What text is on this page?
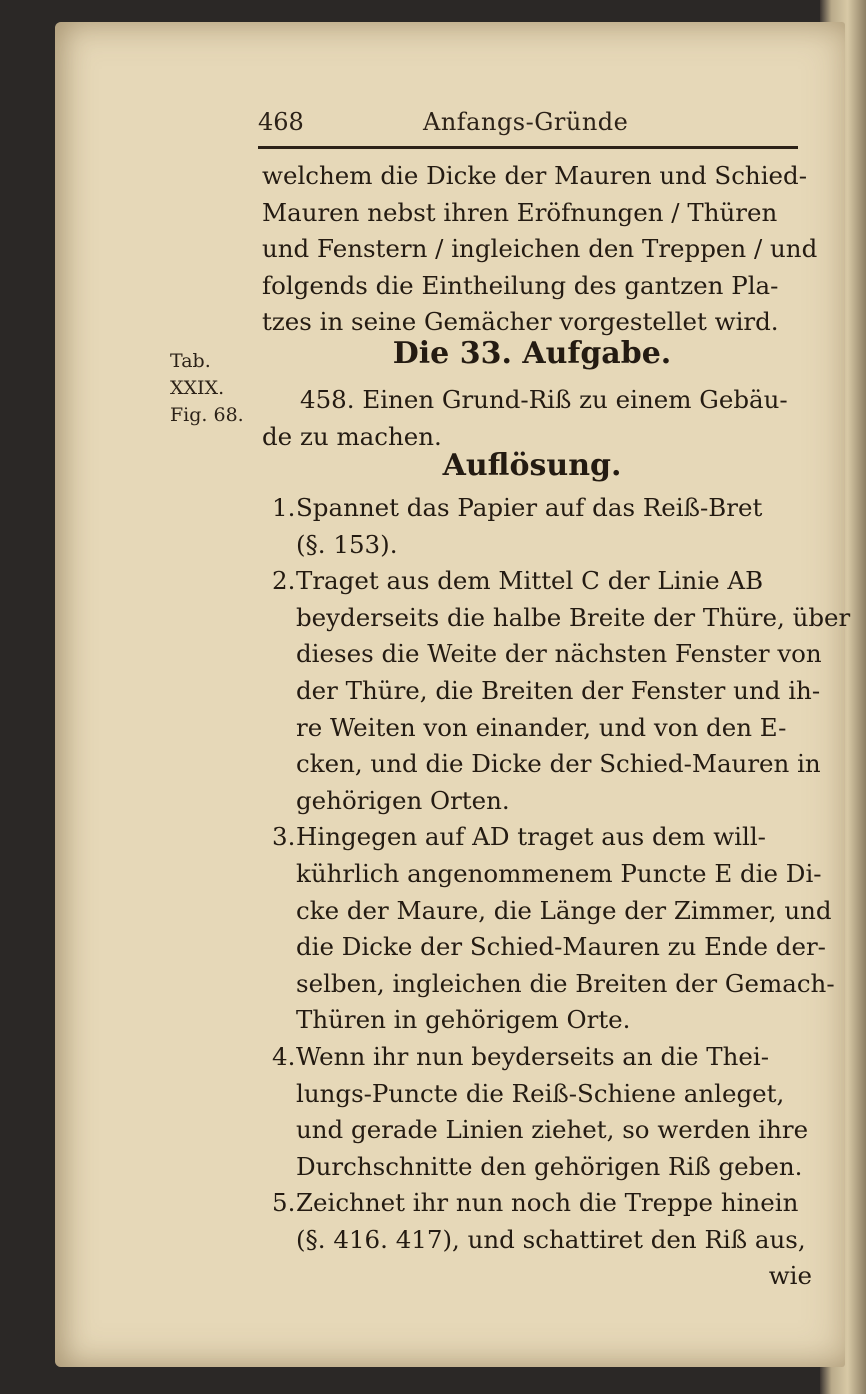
468	Anfangs-Gründe
welchem die Dicke der Mauren und Schied-
Mauren nebst ihren Eröfnungen / Thüren
und Fenstern / ingleichen den Treppen / und
folgends die Eintheilung des gantzen Pla-
tzes in seine Gemächer vorgestellet wird.
Die 33. Aufgabe.
Tab.
XXIX.
Fig. 68.
458. Einen Grund-Riß zu einem Gebäu-
de zu machen.
Auflösung.
1. Spannet das Papier auf das Reiß-Bret
(§. 153).
2. Traget aus dem Mittel C der Linie AB
beyderseits die halbe Breite der Thüre, über
dieses die Weite der nächsten Fenster von
der Thüre, die Breiten der Fenster und ih-
re Weiten von einander, und von den E-
cken, und die Dicke der Schied-Mauren in
gehörigen Orten.
3. Hingegen auf AD traget aus dem will-
kührlich angenommenem Puncte E die Di-
cke der Maure, die Länge der Zimmer, und
die Dicke der Schied-Mauren zu Ende der-
selben, ingleichen die Breiten der Gemach-
Thüren in gehörigem Orte.
4. Wenn ihr nun beyderseits an die Thei-
lungs-Puncte die Reiß-Schiene anleget,
und gerade Linien ziehet, so werden ihre
Durchschnitte den gehörigen Riß geben.
5. Zeichnet ihr nun noch die Treppe hinein
(§. 416. 417), und schattiret den Riß aus,
wie
